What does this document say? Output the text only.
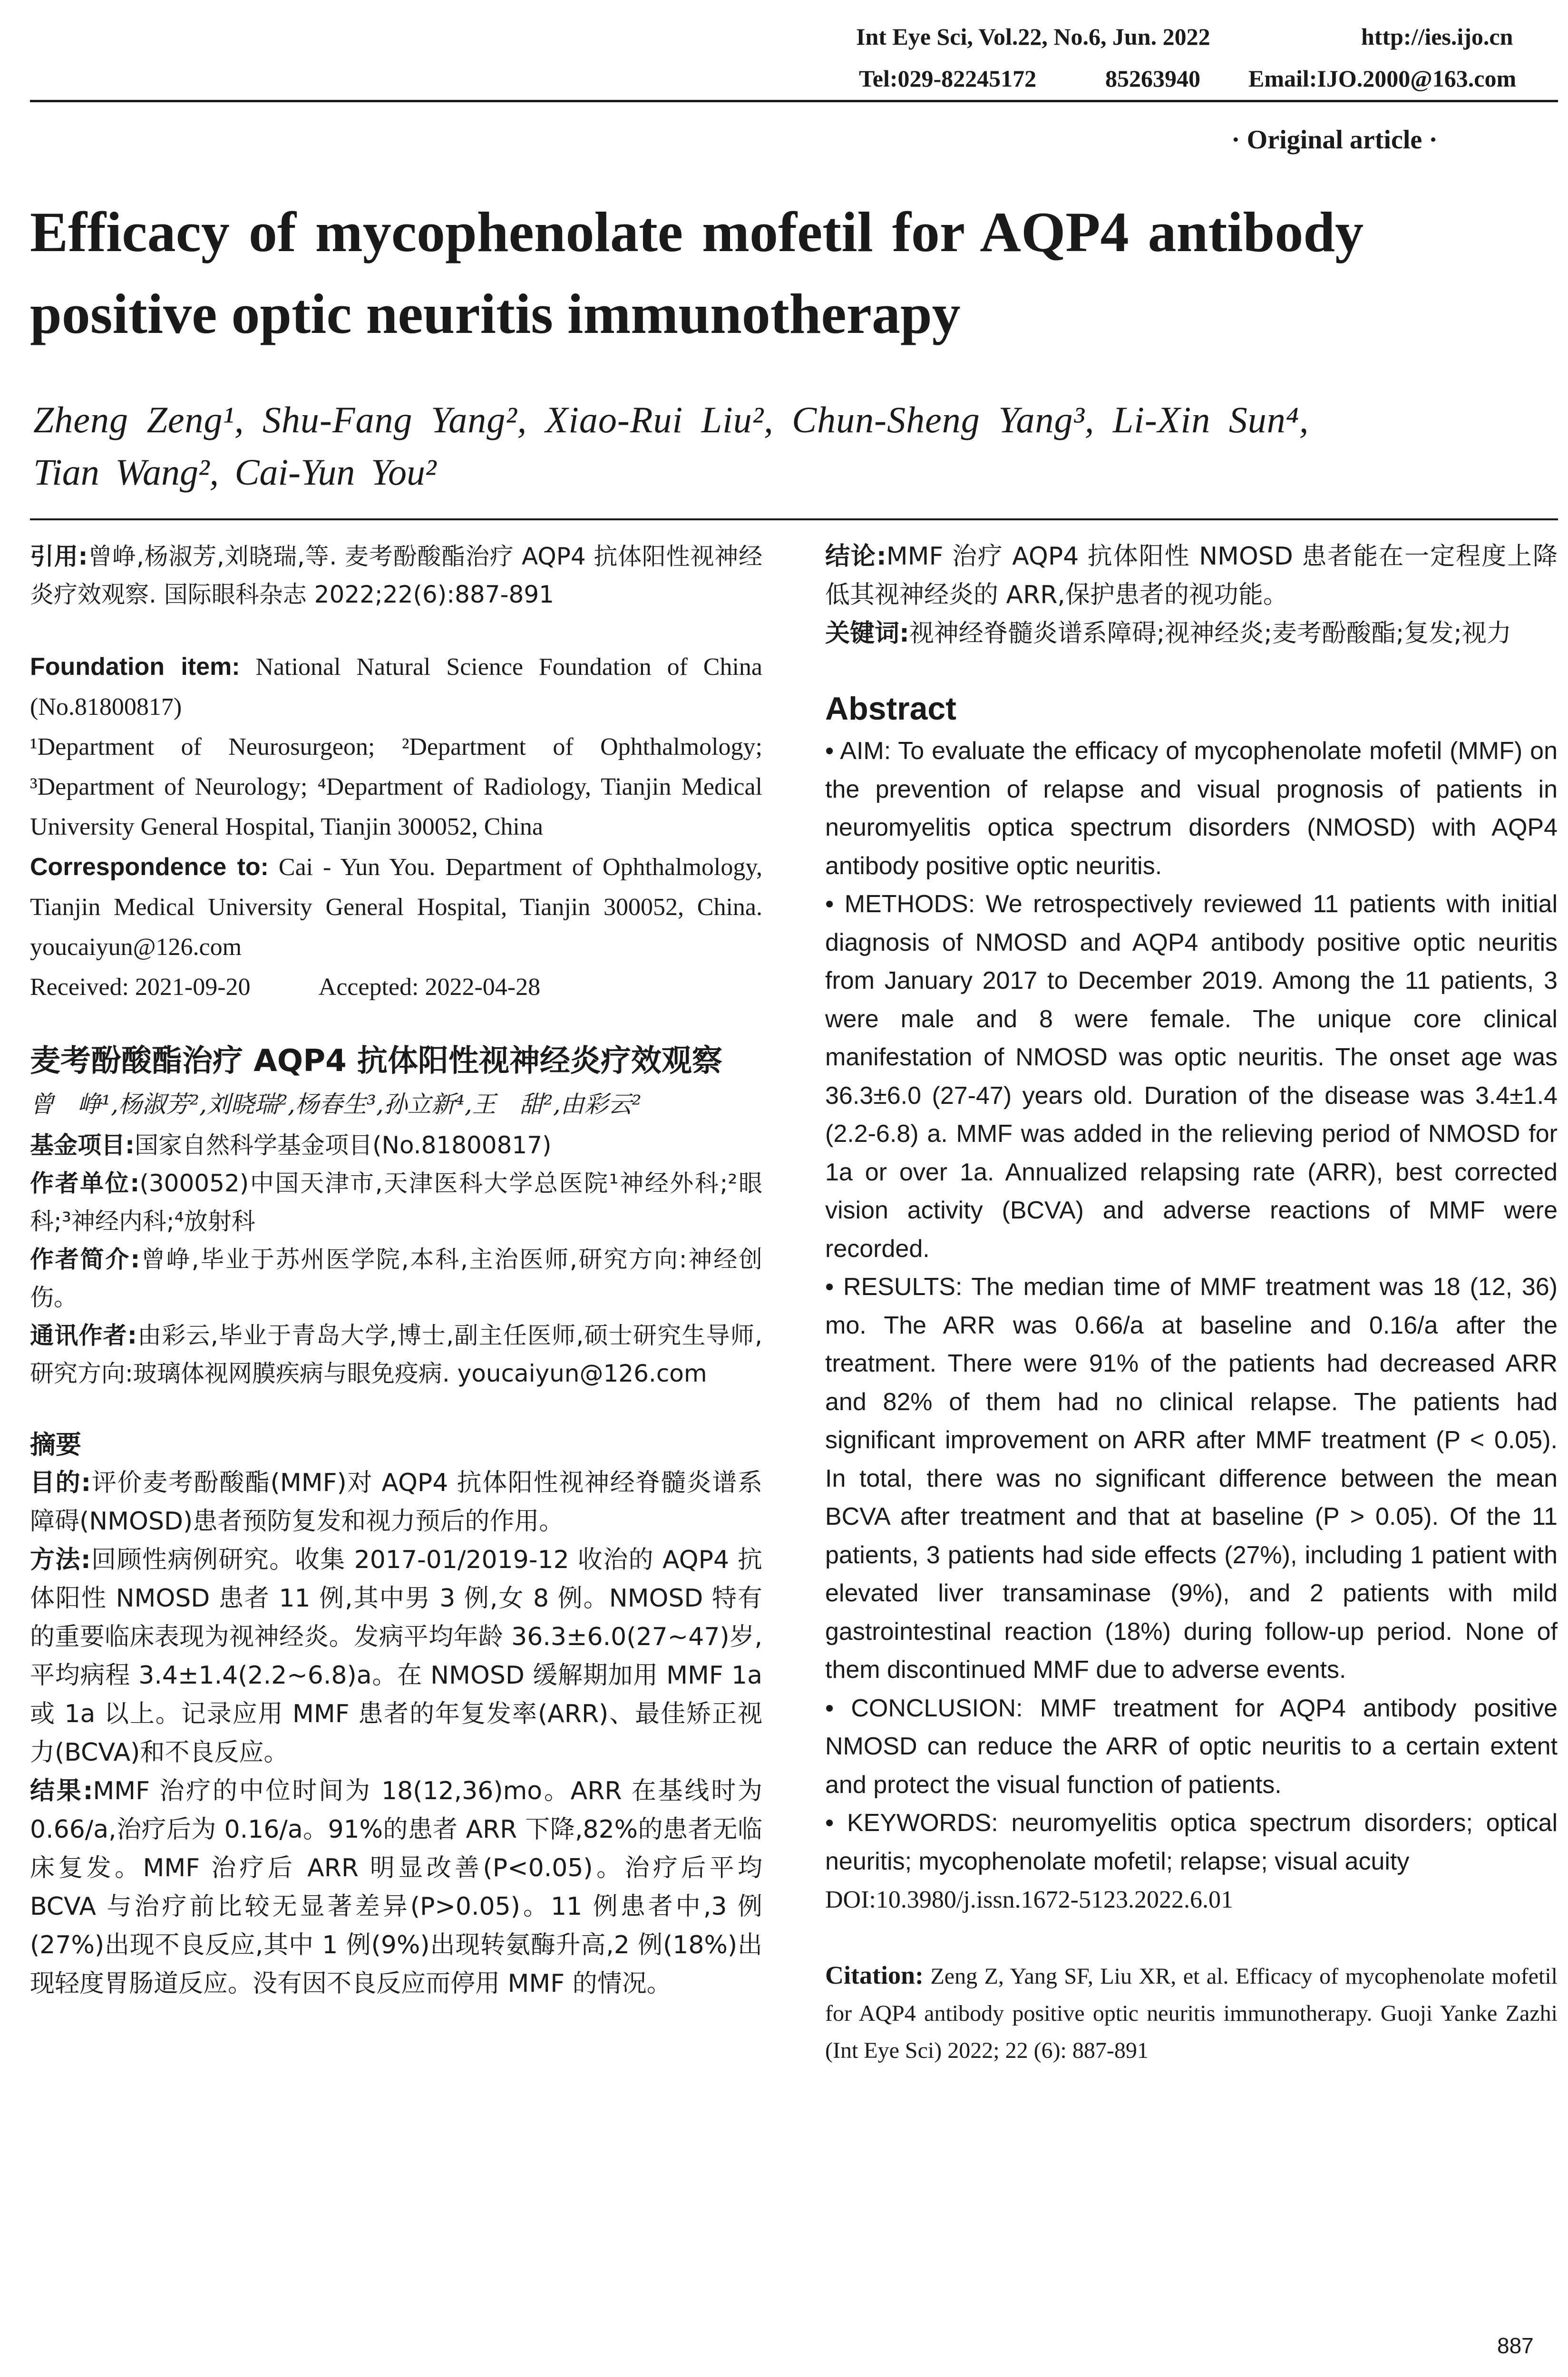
Int Eye Sci, Vol.22, No.6, Jun. 2022	http://ies.ijo.cn
Tel:029-82245172	85263940 Email:IJO.2000@163.com
· Original article ·
Efficacy of mycophenolate mofetil for AQP4 antibody
positive optic neuritis immunotherapy
Zheng Zeng¹, Shu-Fang Yang², Xiao-Rui Liu², Chun-Sheng Yang³, Li-Xin Sun⁴,
Tian Wang², Cai-Yun You²

引用:曾峥,杨淑芳,刘晓瑞,等. 麦考酚酸酯治疗 AQP4 抗体阳性视神经炎疗效观察. 国际眼科杂志 2022;22(6):887-891

Foundation item: National Natural Science Foundation of China (No.81800817)

¹Department of Neurosurgeon; ²Department of Ophthalmology; ³Department of Neurology; ⁴Department of Radiology, Tianjin Medical University General Hospital, Tianjin 300052, China

Correspondence to: Cai - Yun You. Department of Ophthalmology, Tianjin Medical University General Hospital, Tianjin 300052, China. youcaiyun@126.com

Received: 2021-09-20	Accepted: 2022-04-28

麦考酚酸酯治疗 AQP4 抗体阳性视神经炎疗效观察
曾　峥¹,杨淑芳²,刘晓瑞²,杨春生³,孙立新⁴,王　甜²,由彩云²

基金项目:国家自然科学基金项目(No.81800817)

作者单位:(300052)中国天津市,天津医科大学总医院¹神经外科;²眼科;³神经内科;⁴放射科

作者简介:曾峥,毕业于苏州医学院,本科,主治医师,研究方向:神经创伤。

通讯作者:由彩云,毕业于青岛大学,博士,副主任医师,硕士研究生导师,研究方向:玻璃体视网膜疾病与眼免疫病. youcaiyun@126.com

摘要

目的:评价麦考酚酸酯(MMF)对 AQP4 抗体阳性视神经脊髓炎谱系障碍(NMOSD)患者预防复发和视力预后的作用。

方法:回顾性病例研究。收集 2017-01/2019-12 收治的 AQP4 抗体阳性 NMOSD 患者 11 例,其中男 3 例,女 8 例。NMOSD 特有的重要临床表现为视神经炎。发病平均年龄 36.3±6.0(27~47)岁,平均病程 3.4±1.4(2.2~6.8)a。在 NMOSD 缓解期加用 MMF 1a 或 1a 以上。记录应用 MMF 患者的年复发率(ARR)、最佳矫正视力(BCVA)和不良反应。

结果:MMF 治疗的中位时间为 18(12,36)mo。ARR 在基线时为 0.66/a,治疗后为 0.16/a。91%的患者 ARR 下降,82%的患者无临床复发。MMF 治疗后 ARR 明显改善(P<0.05)。治疗后平均 BCVA 与治疗前比较无显著差异(P>0.05)。11 例患者中,3 例(27%)出现不良反应,其中 1 例(9%)出现转氨酶升高,2 例(18%)出现轻度胃肠道反应。没有因不良反应而停用 MMF 的情况。

结论:MMF 治疗 AQP4 抗体阳性 NMOSD 患者能在一定程度上降低其视神经炎的 ARR,保护患者的视功能。

关键词:视神经脊髓炎谱系障碍;视神经炎;麦考酚酸酯;复发;视力

Abstract

• AIM: To evaluate the efficacy of mycophenolate mofetil (MMF) on the prevention of relapse and visual prognosis of patients in neuromyelitis optica spectrum disorders (NMOSD) with AQP4 antibody positive optic neuritis.

• METHODS: We retrospectively reviewed 11 patients with initial diagnosis of NMOSD and AQP4 antibody positive optic neuritis from January 2017 to December 2019. Among the 11 patients, 3 were male and 8 were female. The unique core clinical manifestation of NMOSD was optic neuritis. The onset age was 36.3±6.0 (27-47) years old. Duration of the disease was 3.4±1.4 (2.2-6.8) a. MMF was added in the relieving period of NMOSD for 1a or over 1a. Annualized relapsing rate (ARR), best corrected vision activity (BCVA) and adverse reactions of MMF were recorded.

• RESULTS: The median time of MMF treatment was 18 (12, 36) mo. The ARR was 0.66/a at baseline and 0.16/a after the treatment. There were 91% of the patients had decreased ARR and 82% of them had no clinical relapse. The patients had significant improvement on ARR after MMF treatment (P < 0.05). In total, there was no significant difference between the mean BCVA after treatment and that at baseline (P > 0.05). Of the 11 patients, 3 patients had side effects (27%), including 1 patient with elevated liver transaminase (9%), and 2 patients with mild gastrointestinal reaction (18%) during follow-up period. None of them discontinued MMF due to adverse events.

• CONCLUSION: MMF treatment for AQP4 antibody positive NMOSD can reduce the ARR of optic neuritis to a certain extent and protect the visual function of patients.

• KEYWORDS: neuromyelitis optica spectrum disorders; optical neuritis; mycophenolate mofetil; relapse; visual acuity

DOI:10.3980/j.issn.1672-5123.2022.6.01

Citation: Zeng Z, Yang SF, Liu XR, et al. Efficacy of mycophenolate mofetil for AQP4 antibody positive optic neuritis immunotherapy. Guoji Yanke Zazhi (Int Eye Sci) 2022; 22 (6): 887-891

887
